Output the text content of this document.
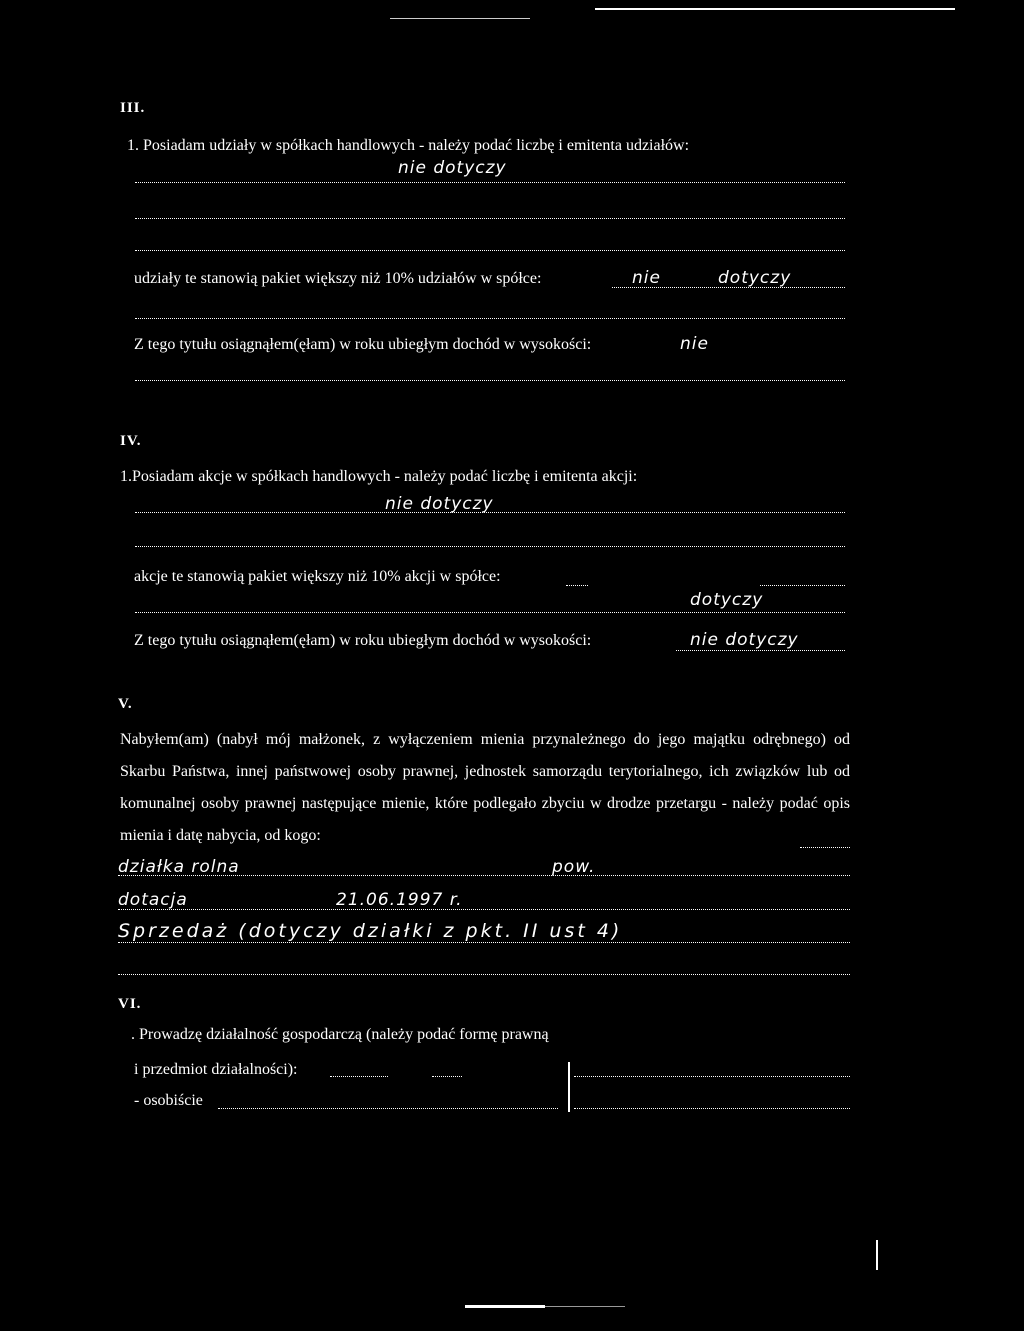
III.
1. Posiadam udziały w spółkach handlowych - należy podać liczbę i emitenta udziałów:
nie dotyczy
udziały te stanowią pakiet większy niż 10% udziałów w spółce:	nie	dotyczy
Z tego tytułu osiągnąłem(ęłam) w roku ubiegłym dochód w wysokości:	nie
IV.
1.Posiadam akcje w spółkach handlowych - należy podać liczbę i emitenta akcji:
nie dotyczy
akcje te stanowią pakiet większy niż 10% akcji w spółce:
dotyczy
Z tego tytułu osiągnąłem(ęłam) w roku ubiegłym dochód w wysokości:	nie dotyczy
V.
Nabyłem(am) (nabył mój małżonek, z wyłączeniem mienia przynależnego do jego majątku odrębnego) od Skarbu Państwa, innej państwowej osoby prawnej, jednostek samorządu terytorialnego, ich związków lub od komunalnej osoby prawnej następujące mienie, które podlegało zbyciu w drodze przetargu - należy podać opis mienia i datę nabycia, od kogo:
działka rolna	pow.
dotacja	21.06.1997 r.
Sprzedaż (dotyczy działki z pkt. II ust 4)
VI.
. Prowadzę działalność gospodarczą (należy podać formę prawną
i przedmiot działalności):
- osobiście
